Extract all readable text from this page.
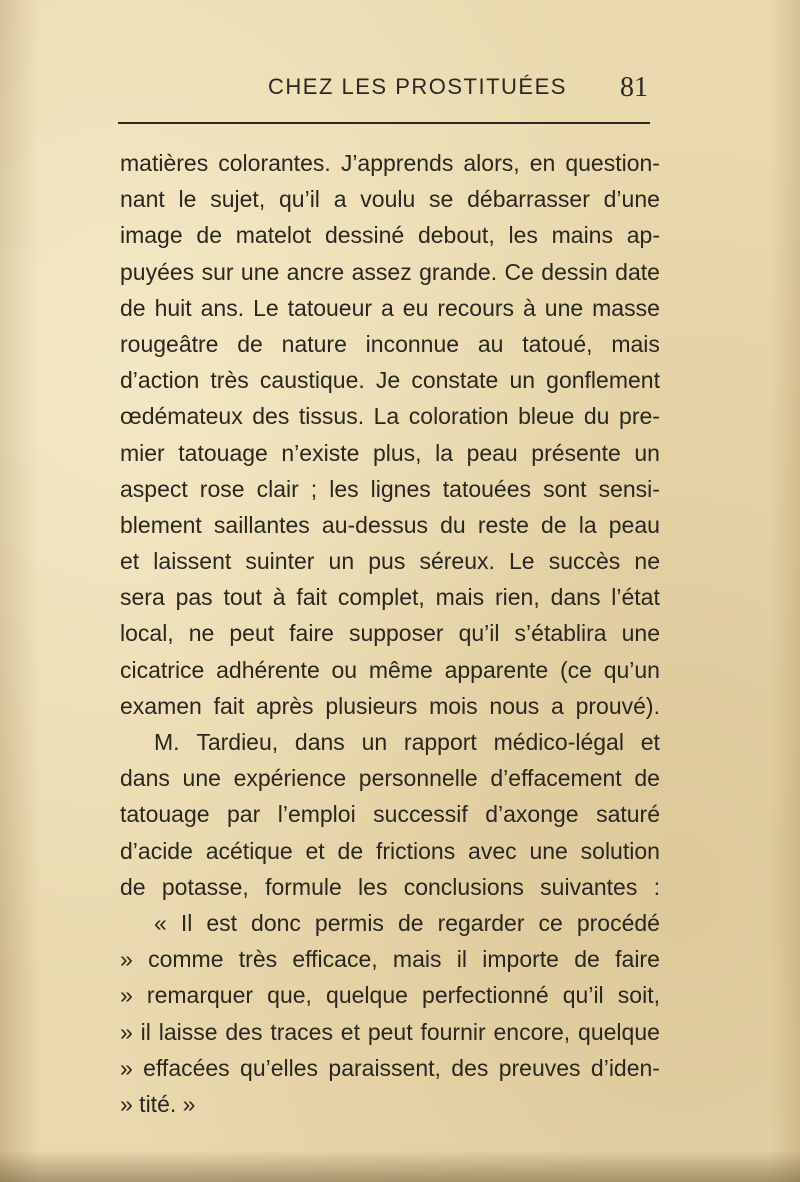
CHEZ LES PROSTITUÉES 81
matières colorantes. J’apprends alors, en question-
nant le sujet, qu’il a voulu se débarrasser d’une
image de matelot dessiné debout, les mains ap-
puyées sur une ancre assez grande. Ce dessin date
de huit ans. Le tatoueur a eu recours à une masse
rougeâtre de nature inconnue au tatoué, mais
d’action très caustique. Je constate un gonflement
œdémateux des tissus. La coloration bleue du pre-
mier tatouage n’existe plus, la peau présente un
aspect rose clair ; les lignes tatouées sont sensi-
blement saillantes au-dessus du reste de la peau
et laissent suinter un pus séreux. Le succès ne
sera pas tout à fait complet, mais rien, dans l’état
local, ne peut faire supposer qu’il s’établira une
cicatrice adhérente ou même apparente (ce qu’un
examen fait après plusieurs mois nous a prouvé).
M. Tardieu, dans un rapport médico-légal et
dans une expérience personnelle d’effacement de
tatouage par l’emploi successif d’axonge saturé
d’acide acétique et de frictions avec une solution
de potasse, formule les conclusions suivantes :
« Il est donc permis de regarder ce procédé
» comme très efficace, mais il importe de faire
» remarquer que, quelque perfectionné qu’il soit,
» il laisse des traces et peut fournir encore, quelque
» effacées qu’elles paraissent, des preuves d’iden-
» tité. »
